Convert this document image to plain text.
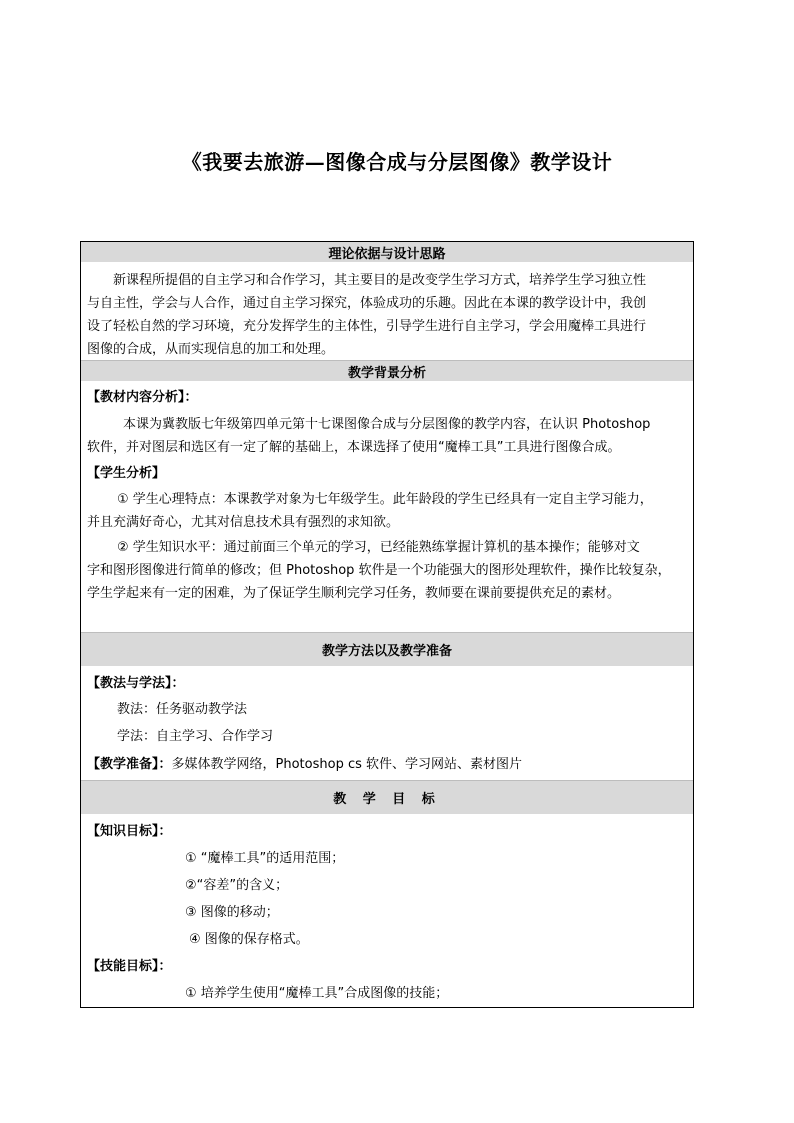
《我要去旅游—图像合成与分层图像》教学设计
理论依据与设计思路
新课程所提倡的自主学习和合作学习，其主要目的是改变学生学习方式，培养学生学习独立性
与自主性，学会与人合作，通过自主学习探究，体验成功的乐趣。因此在本课的教学设计中，我创
设了轻松自然的学习环境，充分发挥学生的主体性，引导学生进行自主学习，学会用魔棒工具进行
图像的合成，从而实现信息的加工和处理。
教学背景分析
【教材内容分析】：
本课为冀教版七年级第四单元第十七课图像合成与分层图像的教学内容，在认识 Photoshop
软件，并对图层和选区有一定了解的基础上，本课选择了使用“魔棒工具”工具进行图像合成。
【学生分析】
① 学生心理特点：本课教学对象为七年级学生。此年龄段的学生已经具有一定自主学习能力，
并且充满好奇心，尤其对信息技术具有强烈的求知欲。
② 学生知识水平：通过前面三个单元的学习，已经能熟练掌握计算机的基本操作；能够对文
字和图形图像进行简单的修改；但 Photoshop 软件是一个功能强大的图形处理软件，操作比较复杂，
学生学起来有一定的困难，为了保证学生顺利完学习任务，教师要在课前要提供充足的素材。
教学方法以及教学准备
【教法与学法】：
教法：任务驱动教学法
学法：自主学习、合作学习
【教学准备】：多媒体教学网络，Photoshop cs 软件、学习网站、素材图片
教 学 目 标
【知识目标】：
① “魔棒工具”的适用范围；
②“容差”的含义；
③ 图像的移动；
④ 图像的保存格式。
【技能目标】：
① 培养学生使用“魔棒工具”合成图像的技能；
